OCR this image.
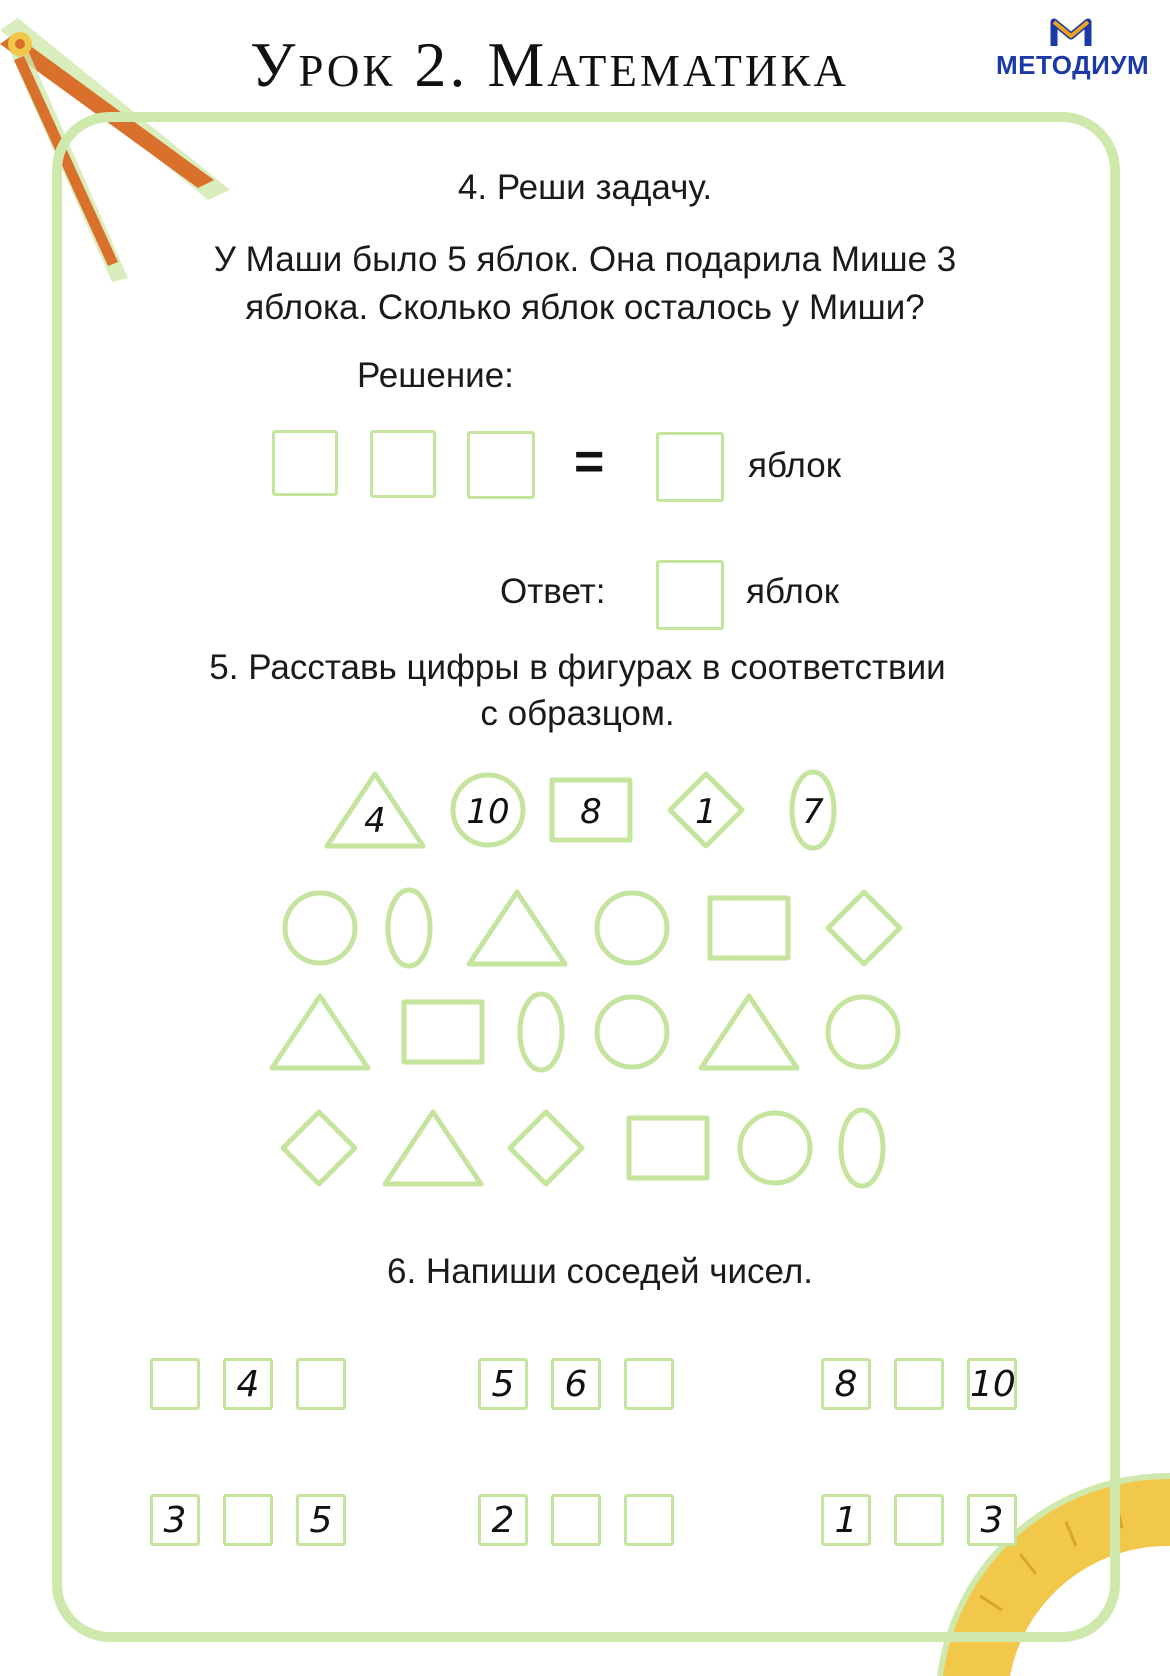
Урок 2. Математика	МЕТОДИУМ
4. Реши задачу.
У Маши было 5 яблок. Она подарила Мише 3
яблока. Сколько яблок осталось у Миши?
Решение:
=	яблок
Ответ:	яблок
5. Расставь цифры в фигурах в соответствии
с образцом.
4 10 8	1	7
6. Напиши соседей чисел.
4	5 6	8	10
3	5	2	1	3
